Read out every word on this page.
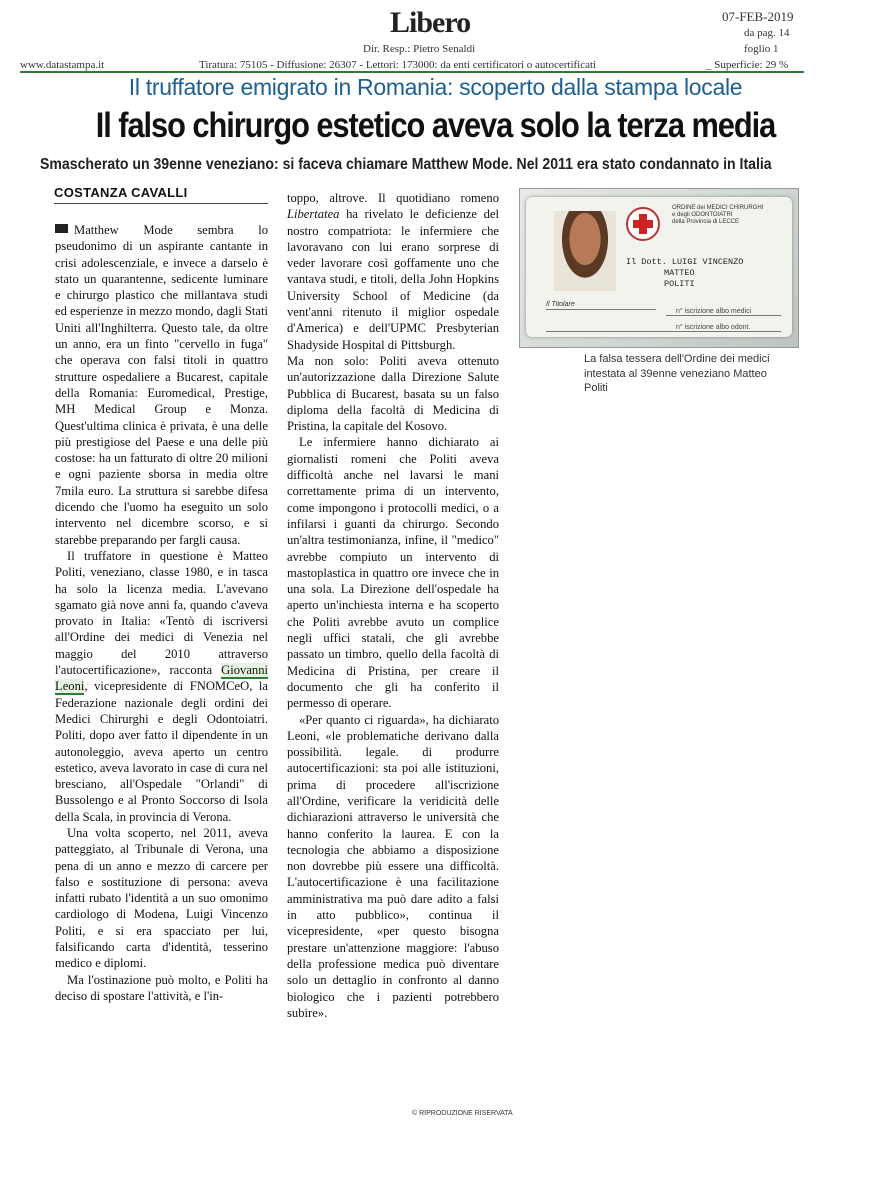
Libero	07-FEB-2019
da pag. 14
foglio 1
Dir. Resp.: Pietro Senaldi
www.datastampa.it	Tiratura: 75105 - Diffusione: 26307 - Lettori: 173000: da enti certificatori o autocertificati	_ Superficie: 29 %
Il truffatore emigrato in Romania: scoperto dalla stampa locale
Il falso chirurgo estetico aveva solo la terza media
Smascherato un 39enne veneziano: si faceva chiamare Matthew Mode. Nel 2011 era stato condannato in Italia
COSTANZA CAVALLI

Matthew Mode sembra lo pseudonimo di un aspirante cantante in crisi adolescenziale, e invece a darselo è stato un quarantenne, sedicente luminare e chirurgo plastico che millantava studi ed esperienze in mezzo mondo, dagli Stati Uniti all'Inghilterra. Questo tale, da oltre un anno, era un finto "cervello in fuga" che operava con falsi titoli in quattro strutture ospedaliere a Bucarest, capitale della Romania: Euromedical, Prestige, MH Medical Group e Monza. Quest'ultima clinica è privata, è una delle più prestigiose del Paese e una delle più costose: ha un fatturato di oltre 20 milioni e ogni paziente sborsa in media oltre 7mila euro. La struttura si sarebbe difesa dicendo che l'uomo ha eseguito un solo intervento nel dicembre scorso, e si starebbe preparando per fargli causa.

Il truffatore in questione è Matteo Politi, veneziano, classe 1980, e in tasca ha solo la licenza media. L'avevano sgamato già nove anni fa, quando c'aveva provato in Italia: «Tentò di iscriversi all'Ordine dei medici di Venezia nel maggio del 2010 attraverso l'autocertificazione», racconta Giovanni Leoni, vicepresidente di FNOMCeO, la Federazione nazionale degli ordini dei Medici Chirurghi e degli Odontoiatri. Politi, dopo aver fatto il dipendente in un autonoleggio, aveva aperto un centro estetico, aveva lavorato in case di cura nel bresciano, all'Ospedale "Orlandi" di Bussolengo e al Pronto Soccorso di Isola della Scala, in provincia di Verona.

Una volta scoperto, nel 2011, aveva patteggiato, al Tribunale di Verona, una pena di un anno e mezzo di carcere per falso e sostituzione di persona: aveva infatti rubato l'identità a un suo omonimo cardiologo di Modena, Luigi Vincenzo Politi, e si era spacciato per lui, falsificando carta d'identità, tesserino medico e diplomi.

Ma l'ostinazione può molto, e Politi ha deciso di spostare l'attività, e l'in-

toppo, altrove. Il quotidiano romeno Libertatea ha rivelato le deficienze del nostro compatriota: le infermiere che lavoravano con lui erano sorprese di veder lavorare così goffamente uno che vantava studi, e titoli, della John Hopkins University School of Medicine (da vent'anni ritenuto il miglior ospedale d'America) e dell'UPMC Presbyterian Shadyside Hospital di Pittsburgh.

Ma non solo: Politi aveva ottenuto un'autorizzazione dalla Direzione Salute Pubblica di Bucarest, basata su un falso diploma della facoltà di Medicina di Pristina, la capitale del Kosovo.

Le infermiere hanno dichiarato ai giornalisti romeni che Politi aveva difficoltà anche nel lavarsi le mani correttamente prima di un intervento, come impongono i protocolli medici, o a infilarsi i guanti da chirurgo. Secondo un'altra testimonianza, infine, il "medico" avrebbe compiuto un intervento di mastoplastica in quattro ore invece che in una sola. La Direzione dell'ospedale ha aperto un'inchiesta interna e ha scoperto che Politi avrebbe avuto un complice negli uffici statali, che gli avrebbe passato un timbro, quello della facoltà di Medicina di Pristina, per creare il documento che gli ha conferito il permesso di operare.

«Per quanto ci riguarda», ha dichiarato Leoni, «le problematiche derivano dalla possibilità. legale. di produrre autocertificazioni: sta poi alle istituzioni, prima di procedere all'iscrizione all'Ordine, verificare la veridicità delle dichiarazioni attraverso le università che hanno conferito la laurea. E con la tecnologia che abbiamo a disposizione non dovrebbe più essere una difficoltà. L'autocertificazione è una facilitazione amministrativa ma può dare adito a falsi in atto pubblico», continua il vicepresidente, «per questo bisogna prestare un'attenzione maggiore: l'abuso della professione medica può diventare solo un dettaglio in confronto al danno biologico che i pazienti potrebbero subire».

ORDINE dei MEDICI CHIRURGHI
e degli ODONTOIATRI
della Provincia di LECCE
Il Dott. LUIGI VINCENZO
MATTEO
POLITI
Il Titolare
n° iscrizione albo medici
n° iscrizione albo odont.
La falsa tessera dell'Ordine dei medici intestata al 39enne veneziano Matteo Politi
© RIPRODUZIONE RISERVATA
